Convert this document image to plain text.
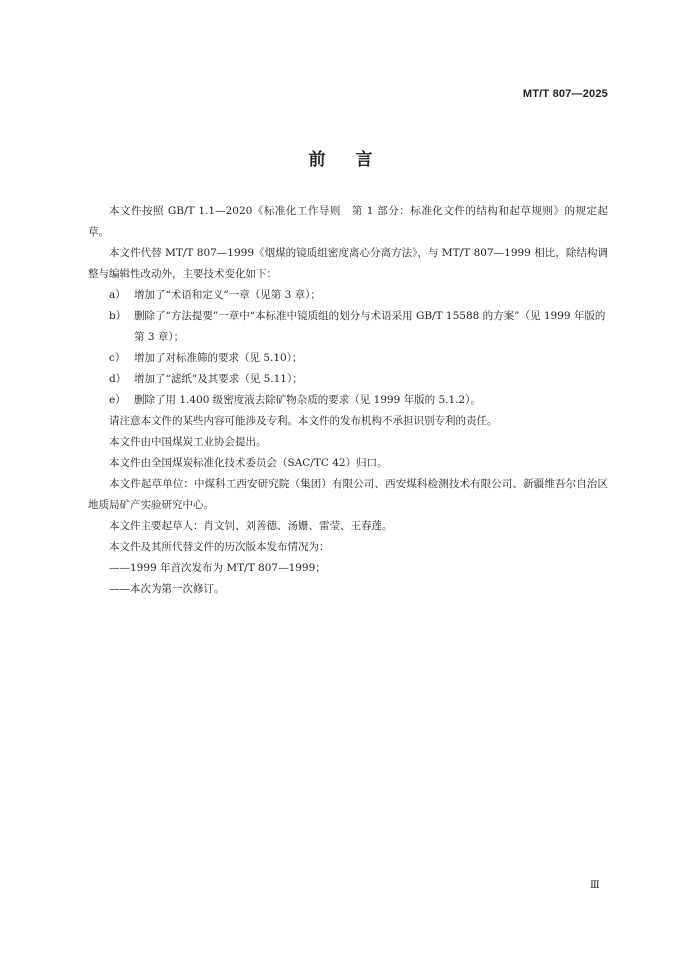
MT/T 807—2025
前 言

本文件按照 GB/T 1.1—2020《标准化工作导则　第 1 部分：标准化文件的结构和起草规则》的规定起草。

本文件代替 MT/T 807—1999《烟煤的镜质组密度离心分离方法》，与 MT/T 807—1999 相比，除结构调整与编辑性改动外，主要技术变化如下：

a） 增加了“术语和定义”一章（见第 3 章）；
b） 删除了“方法提要”一章中“本标准中镜质组的划分与术语采用 GB/T 15588 的方案”（见 1999 年版的第 3 章）；
c） 增加了对标准筛的要求（见 5.10）；
d） 增加了“滤纸”及其要求（见 5.11）；
e） 删除了用 1.400 级密度液去除矿物杂质的要求（见 1999 年版的 5.1.2）。

请注意本文件的某些内容可能涉及专利。本文件的发布机构不承担识别专利的责任。

本文件由中国煤炭工业协会提出。

本文件由全国煤炭标准化技术委员会（SAC/TC 42）归口。

本文件起草单位：中煤科工西安研究院（集团）有限公司、西安煤科检测技术有限公司、新疆维吾尔自治区地质局矿产实验研究中心。

本文件主要起草人：肖文钊、刘善德、汤姗、雷莹、王春莲。

本文件及其所代替文件的历次版本发布情况为：

——1999 年首次发布为 MT/T 807—1999；

——本次为第一次修订。

Ⅲ
